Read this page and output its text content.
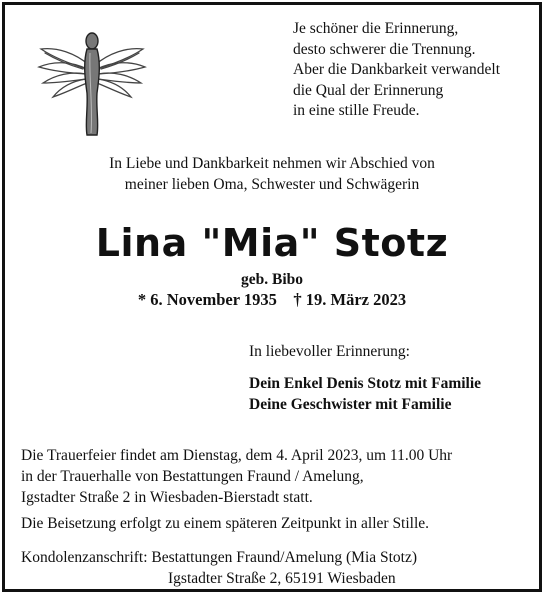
Je schöner die Erinnerung,
desto schwerer die Trennung.
Aber die Dankbarkeit verwandelt
die Qual der Erinnerung
in eine stille Freude.
In Liebe und Dankbarkeit nehmen wir Abschied von
meiner lieben Oma, Schwester und Schwägerin
Lina "Mia" Stotz
geb. Bibo
* 6. November 1935 † 19. März 2023
In liebevoller Erinnerung:
Dein Enkel Denis Stotz mit Familie
Deine Geschwister mit Familie
Die Trauerfeier findet am Dienstag, dem 4. April 2023, um 11.00 Uhr
in der Trauerhalle von Bestattungen Fraund / Amelung,
Igstadter Straße 2 in Wiesbaden-Bierstadt statt.
Die Beisetzung erfolgt zu einem späteren Zeitpunkt in aller Stille.
Kondolenzanschrift: Bestattungen Fraund/Amelung (Mia Stotz)
Igstadter Straße 2, 65191 Wiesbaden
